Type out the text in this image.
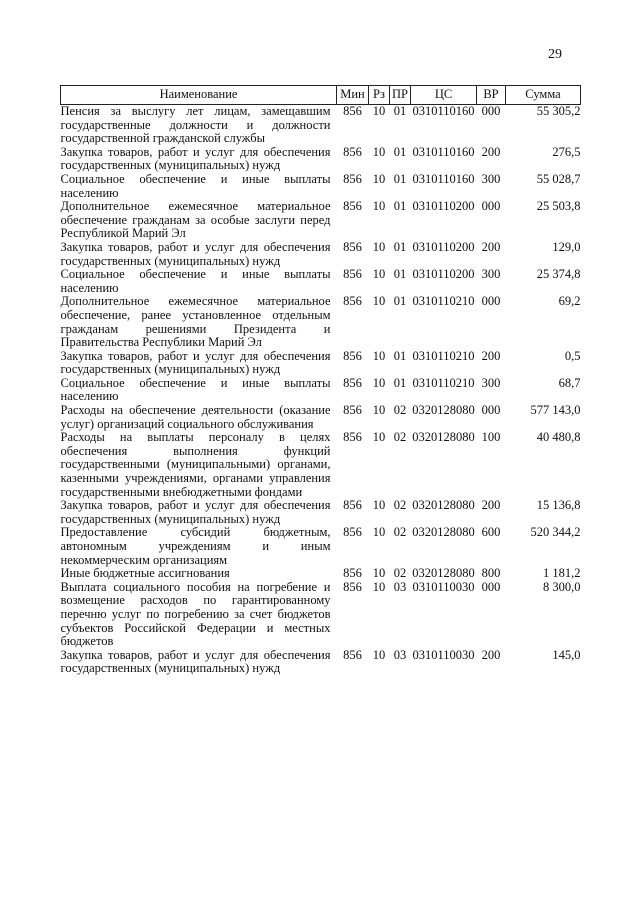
29
Наименование	Мин	Рз	ПР	ЦС	ВР	Сумма
Пенсия за выслугу лет лицам, замещавшим государственные должности и должности государственной гражданской службы	856	10	01	0310110160	000	55 305,2
Закупка товаров, работ и услуг для обеспечения государственных (муниципальных) нужд	856	10	01	0310110160	200	276,5
Социальное обеспечение и иные выплаты населению	856	10	01	0310110160	300	55 028,7
Дополнительное ежемесячное материальное обеспечение гражданам за особые заслуги перед Республикой Марий Эл	856	10	01	0310110200	000	25 503,8
Закупка товаров, работ и услуг для обеспечения государственных (муниципальных) нужд	856	10	01	0310110200	200	129,0
Социальное обеспечение и иные выплаты населению	856	10	01	0310110200	300	25 374,8
Дополнительное ежемесячное материальное обеспечение, ранее установленное отдельным гражданам решениями Президента и Правительства Республики Марий Эл	856	10	01	0310110210	000	69,2
Закупка товаров, работ и услуг для обеспечения государственных (муниципальных) нужд	856	10	01	0310110210	200	0,5
Социальное обеспечение и иные выплаты населению	856	10	01	0310110210	300	68,7
Расходы на обеспечение деятельности (оказание услуг) организаций социального обслуживания	856	10	02	0320128080	000	577 143,0
Расходы на выплаты персоналу в целях обеспечения выполнения функций государственными (муниципальными) органами, казенными учреждениями, органами управления государственными внебюджетными фондами	856	10	02	0320128080	100	40 480,8
Закупка товаров, работ и услуг для обеспечения государственных (муниципальных) нужд	856	10	02	0320128080	200	15 136,8
Предоставление субсидий бюджетным, автономным учреждениям и иным некоммерческим организациям	856	10	02	0320128080	600	520 344,2
Иные бюджетные ассигнования	856	10	02	0320128080	800	1 181,2
Выплата социального пособия на погребение и возмещение расходов по гарантированному перечню услуг по погребению за счет бюджетов субъектов Российской Федерации и местных бюджетов	856	10	03	0310110030	000	8 300,0
Закупка товаров, работ и услуг для обеспечения государственных (муниципальных) нужд	856	10	03	0310110030	200	145,0
